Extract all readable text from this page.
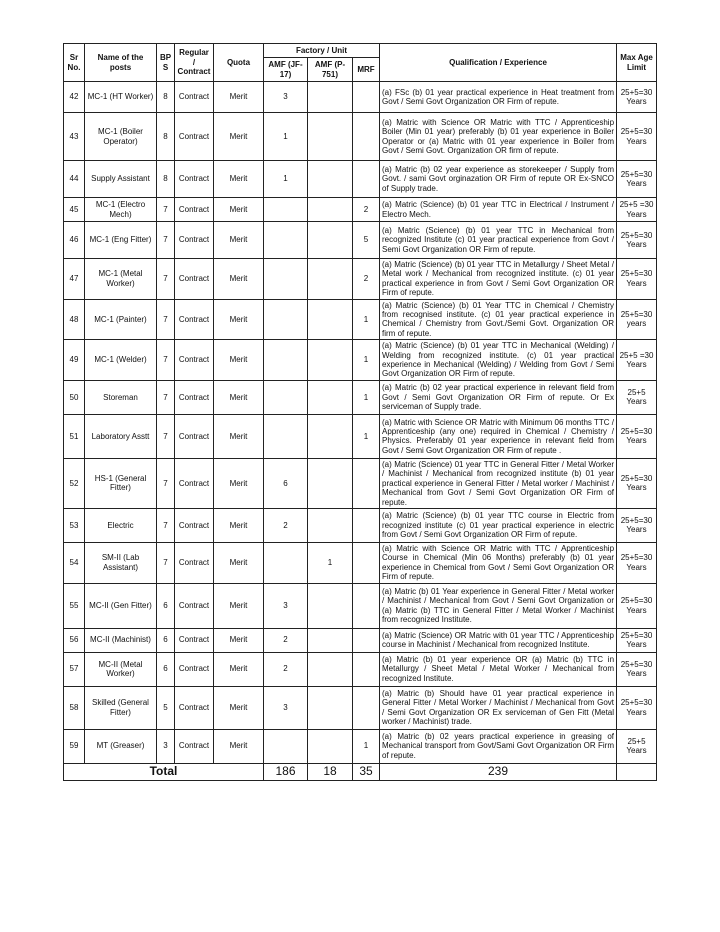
Sr No.	Name of the posts	BP S	Regular / Contract	Quota	Factory / Unit			Qualification / Experience	Max Age Limit
					AMF (JF-17)	AMF (P-751)	MRF		
42	MC-1 (HT Worker)	8	Contract	Merit	3			(a) FSc (b) 01 year practical experience in Heat treatment from Govt / Semi Govt Organization OR Firm of repute.	25+5=30 Years
43	MC-1 (Boiler Operator)	8	Contract	Merit	1			(a) Matric with Science OR Matric with TTC / Apprenticeship Boiler (Min 01 year) preferably (b) 01 year experience in Boiler Operator or (a) Matric with 01 year experience in Boiler from Govt / Semi Govt. Organization OR firm of repute.	25+5=30 Years
44	Supply Assistant	8	Contract	Merit	1			(a) Matric (b) 02 year experience as storekeeper / Supply from Govt. / sami Govt orginazation OR Firm of repute OR Ex-SNCO of Supply trade.	25+5=30 Years
45	MC-1 (Electro Mech)	7	Contract	Merit			2	(a) Matric (Science) (b) 01 year TTC in Electrical / Instrument / Electro Mech.	25+5 =30 Years
46	MC-1 (Eng Fitter)	7	Contract	Merit			5	(a) Matric (Science) (b) 01 year TTC in Mechanical from recognized Institute (c) 01 year practical experience from Govt / Semi Govt Organization OR Firm of repute.	25+5=30 Years
47	MC-1 (Metal Worker)	7	Contract	Merit			2	(a) Matric (Science) (b) 01 year TTC in Metallurgy / Sheet Metal / Metal work / Mechanical from recognized institute. (c) 01 year practical experience in from Govt / Semi Govt Organization OR Firm of repute.	25+5=30 Years
48	MC-1 (Painter)	7	Contract	Merit			1	(a) Matric (Science) (b) 01 Year TTC in Chemical / Chemistry from recognised institute. (c) 01 year practical experience in Chemical / Chemistry from Govt./Semi Govt. Organization OR firm of repute.	25+5=30 years
49	MC-1 (Welder)	7	Contract	Merit			1	(a) Matric (Science) (b) 01 year TTC in Mechanical (Welding) / Welding from recognized institute. (c) 01 year practical experience in Mechanical (Welding) / Welding from Govt / Semi Govt Organization OR Firm of repute.	25+5 =30 Years
50	Storeman	7	Contract	Merit			1	(a) Matric (b) 02 year practical experience in relevant field from Govt / Semi Govt Organization OR Firm of repute. Or Ex serviceman of Supply trade.	25+5 Years
51	Laboratory Asstt	7	Contract	Merit			1	(a) Matric with Science OR Matric with Minimum 06 months TTC / Apprenticeship (any one) required in Chemical / Chemistry / Physics. Preferably 01 year experience in relevant field from Govt / Semi Govt Organization OR Firm of repute .	25+5=30 Years
52	HS-1 (General Fitter)	7	Contract	Merit	6			(a) Matric (Science) 01 year TTC in General Fitter / Metal Worker / Machinist / Mechanical from recognized institute (b) 01 year practical experience in General Fitter / Metal worker / Machinist / Mechanical from Govt / Semi Govt Organization OR Firm of repute.	25+5=30 Years
53	Electric	7	Contract	Merit	2			(a) Matric (Science) (b) 01 year TTC course in Electric from recognized institute (c) 01 year practical experience in electric from Govt / Semi Govt Organization OR Firm of repute.	25+5=30 Years
54	SM-II (Lab Assistant)	7	Contract	Merit		1		(a) Matric with Science OR Matric with TTC / Apprenticeship Course in Chemical (Min 06 Months) preferably (b) 01 year experience in Chemical from Govt / Semi Govt Organization OR Firm of repute.	25+5=30 Years
55	MC-II (Gen Fitter)	6	Contract	Merit	3			(a) Matric (b) 01 Year experience in General Fitter / Metal worker / Machinist / Mechanical from Govt / Semi Govt Organization or (a) Matric (b) TTC in General Fitter / Metal Worker / Machinist from recognized Institute.	25+5=30 Years
56	MC-II (Machinist)	6	Contract	Merit	2			(a) Matric (Science) OR Matric with 01 year TTC / Apprenticeship course in Machinist / Mechanical from recognized Institute.	25+5=30 Years
57	MC-II (Metal Worker)	6	Contract	Merit	2			(a) Matric (b) 01 year experience OR (a) Matric (b) TTC in Metallurgy / Sheet Metal / Metal Worker / Mechanical from recognized Institute.	25+5=30 Years
58	Skilled (General Fitter)	5	Contract	Merit	3			(a) Matric (b) Should have 01 year practical experience in General Fitter / Metal Worker / Machinist / Mechanical from Govt / Semi Govt Organization OR Ex serviceman of Gen Fitt (Metal worker / Machinist) trade.	25+5=30 Years
59	MT (Greaser)	3	Contract	Merit			1	(a) Matric (b) 02 years practical experience in greasing of Mechanical transport from Govt/Sami Govt Organization OR Firm of repute.	25+5 Years
Total					186	18	35	239	
